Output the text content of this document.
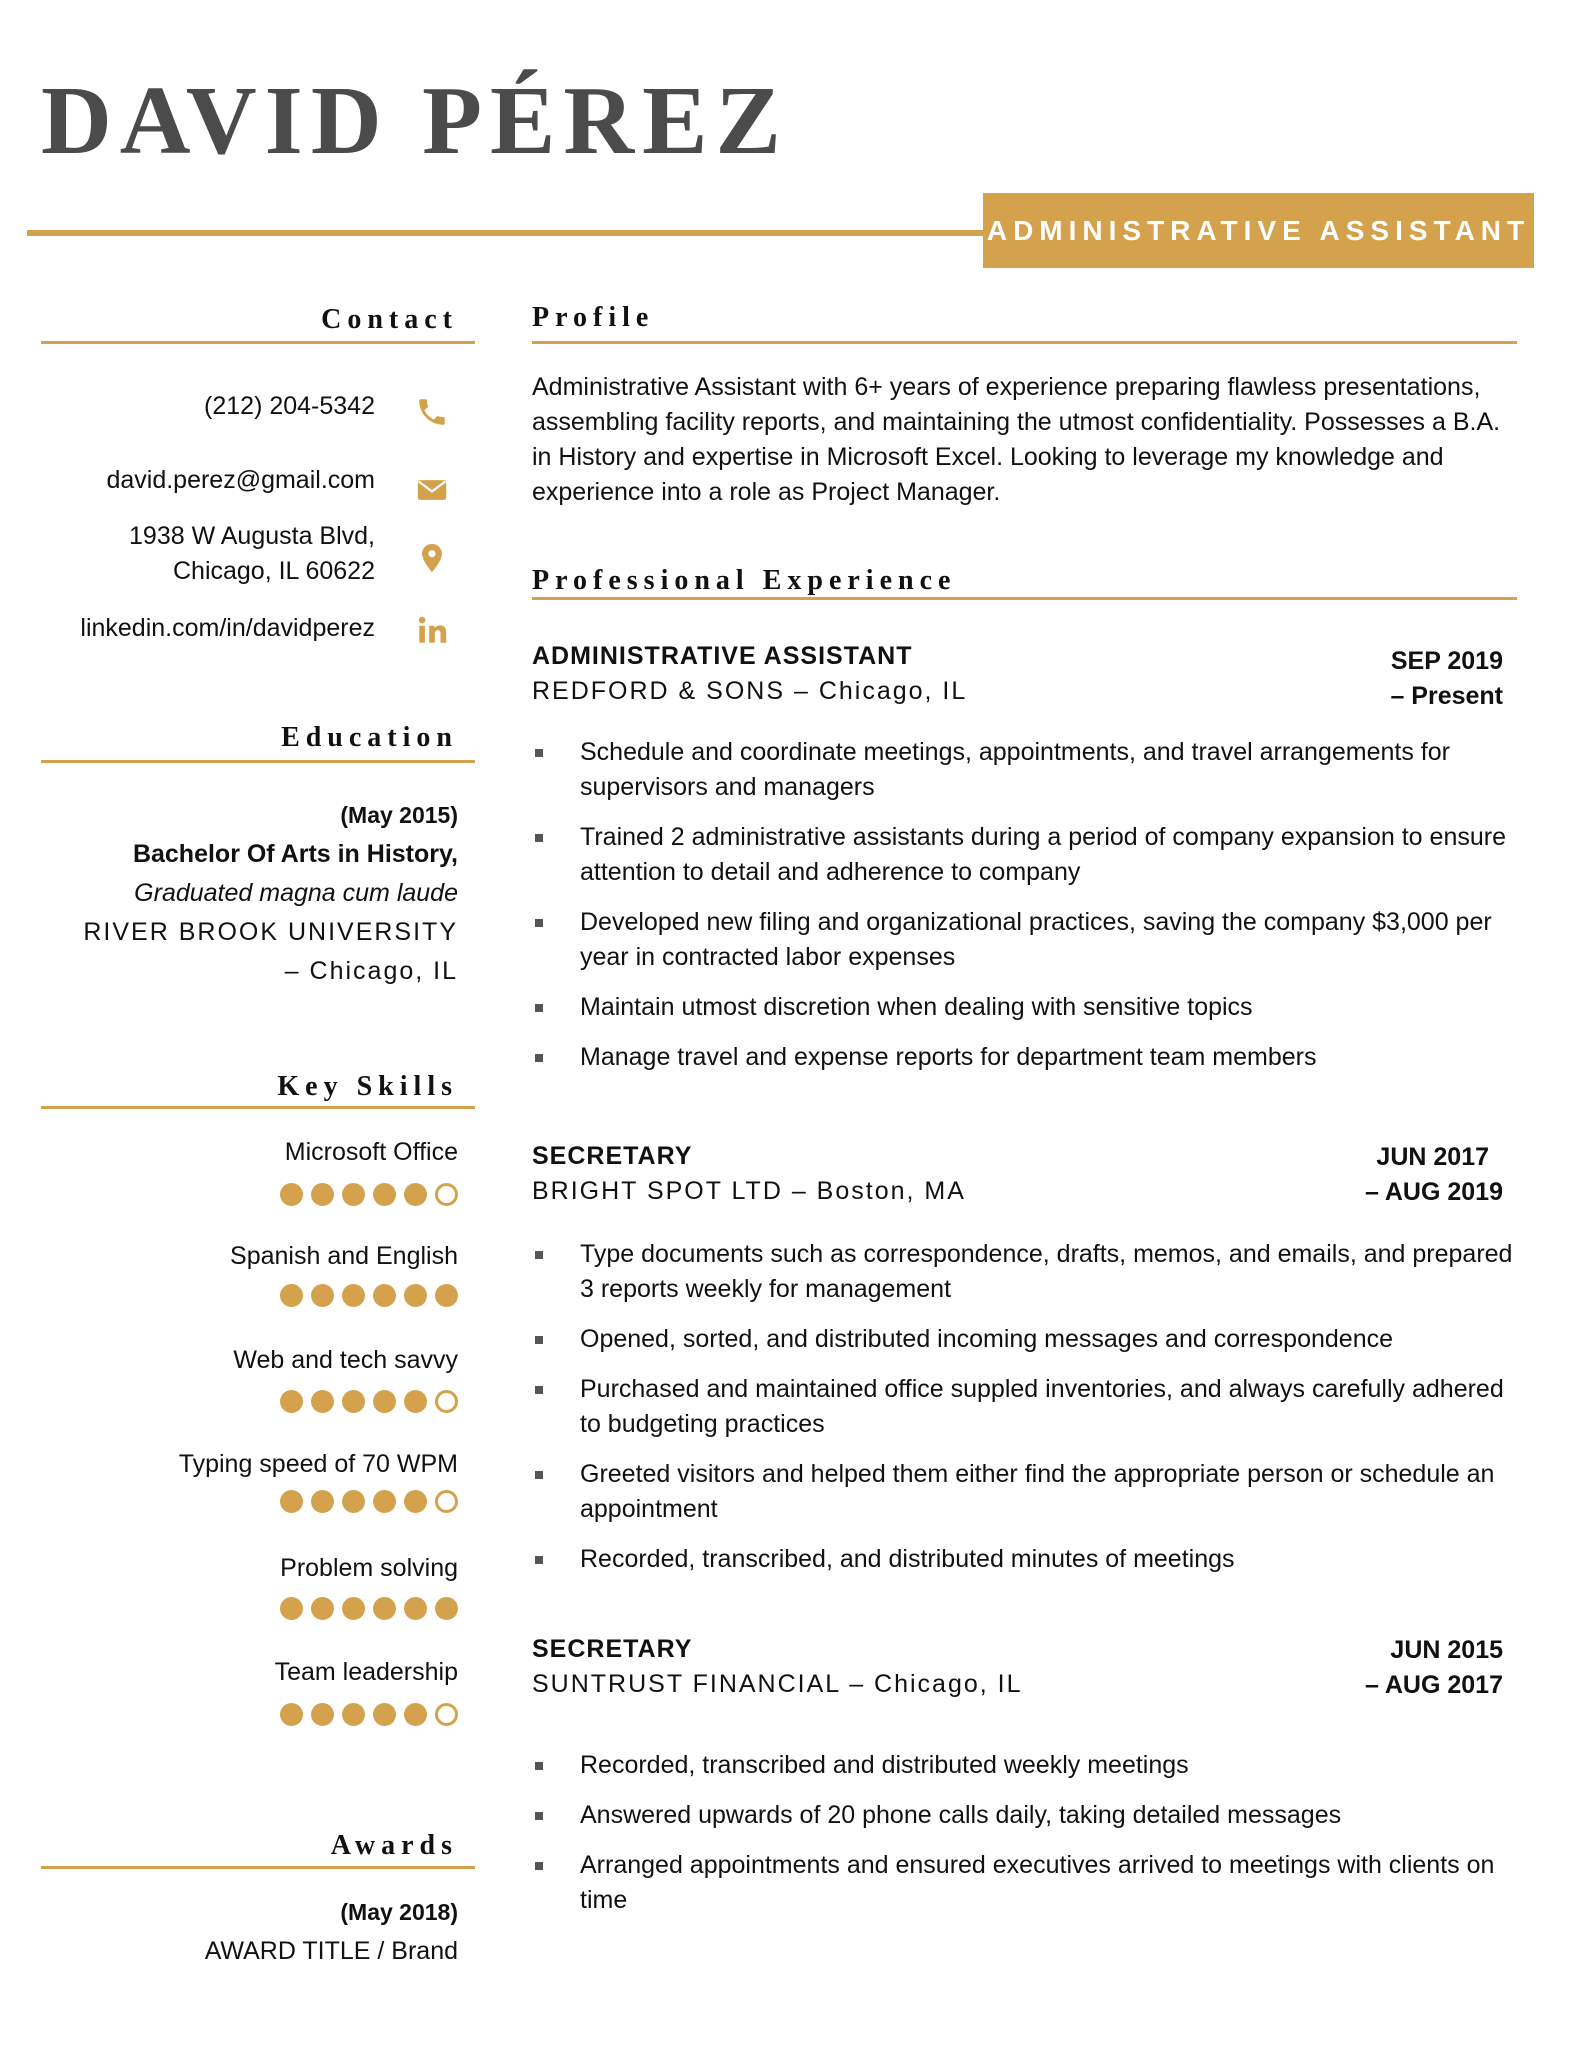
DAVID PÉREZ
ADMINISTRATIVE ASSISTANT
Contact
(212) 204-5342
david.perez@gmail.com
1938 W Augusta Blvd,
Chicago, IL 60622
linkedin.com/in/davidperez
Education
(May 2015)
Bachelor Of Arts in History,
Graduated magna cum laude
RIVER BROOK UNIVERSITY
– Chicago, IL
Key Skills
Microsoft Office
Spanish and English
Web and tech savvy
Typing speed of 70 WPM
Problem solving
Team leadership
Awards
(May 2018)
AWARD TITLE / Brand
Profile

Administrative Assistant with 6+ years of experience preparing flawless presentations, assembling facility reports, and maintaining the utmost confidentiality. Possesses a B.A. in History and expertise in Microsoft Excel. Looking to leverage my knowledge and experience into a role as Project Manager.

Professional Experience
ADMINISTRATIVE ASSISTANT
REDFORD & SONS – Chicago, IL
SEP 2019
– Present
Schedule and coordinate meetings, appointments, and travel arrangements for supervisors and managers
Trained 2 administrative assistants during a period of company expansion to ensure attention to detail and adherence to company
Developed new filing and organizational practices, saving the company $3,000 per year in contracted labor expenses
Maintain utmost discretion when dealing with sensitive topics
Manage travel and expense reports for department team members
SECRETARY
BRIGHT SPOT LTD – Boston, MA
JUN 2017
– AUG 2019
Type documents such as correspondence, drafts, memos, and emails, and prepared 3 reports weekly for management
Opened, sorted, and distributed incoming messages and correspondence
Purchased and maintained office suppled inventories, and always carefully adhered to budgeting practices
Greeted visitors and helped them either find the appropriate person or schedule an appointment
Recorded, transcribed, and distributed minutes of meetings
SECRETARY
SUNTRUST FINANCIAL – Chicago, IL
JUN 2015
– AUG 2017
Recorded, transcribed and distributed weekly meetings
Answered upwards of 20 phone calls daily, taking detailed messages
Arranged appointments and ensured executives arrived to meetings with clients on time
